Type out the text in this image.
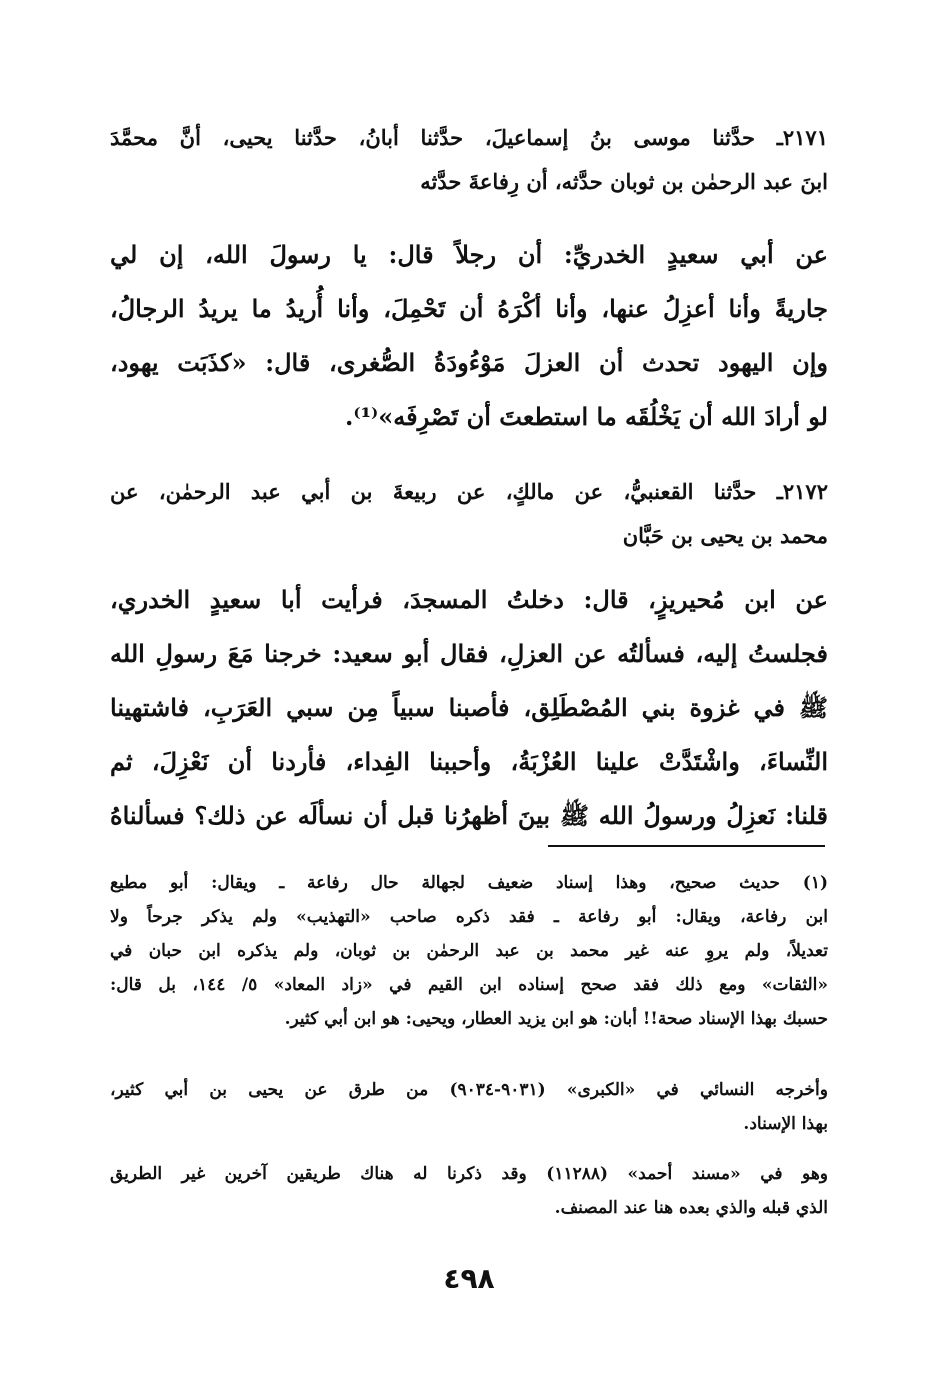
٢١٧١ـ حدَّثنا موسى بنُ إسماعيلَ، حدَّثنا أبانُ، حدَّثنا يحيى، أنَّ محمَّدَ
ابنَ عبد الرحمٰن بن ثوبان حدَّثه، أن رِفاعةَ حدَّثه
عن أبي سعيدٍ الخدريِّ: أن رجلاً قال: يا رسولَ الله، إن لي
جاريةً وأنا أعزِلُ عنها، وأنا أكْرَهُ أن تَحْمِلَ، وأنا أُريدُ ما يريدُ الرجالُ،
وإن اليهود تحدث أن العزلَ مَوْءُودَةُ الصُّغرى، قال: «كذَبَت يهود،
لو أرادَ الله أن يَخْلُقَه ما استطعتَ أن تَصْرِفَه»⁽¹⁾.
٢١٧٢ـ حدَّثنا القعنبيُّ، عن مالكٍ، عن ربيعةَ بن أبي عبد الرحمٰن، عن
محمد بن يحيى بن حَبَّان
عن ابن مُحيريزٍ، قال: دخلتُ المسجدَ، فرأيت أبا سعيدٍ الخدري،
فجلستُ إليه، فسألتُه عن العزلِ، فقال أبو سعيد: خرجنا مَعَ رسولِ الله
ﷺ في غزوة بني المُصْطَلِق، فأصبنا سبياً مِن سبي العَرَبِ، فاشتهينا
النِّساءَ، واشْتَدَّتْ علينا العُزْبَةُ، وأحببنا الفِداء، فأردنا أن نَعْزِلَ، ثم
قلنا: نَعزِلُ ورسولُ الله ﷺ بينَ أظهرُنا قبل أن نسألَه عن ذلك؟ فسألناهُ
(١) حديث صحيح، وهذا إسناد ضعيف لجهالة حال رفاعة ـ ويقال: أبو مطيع
ابن رفاعة، ويقال: أبو رفاعة ـ فقد ذكره صاحب «التهذيب» ولم يذكر جرحاً ولا
تعديلاً، ولم يروِ عنه غير محمد بن عبد الرحمٰن بن ثوبان، ولم يذكره ابن حبان في
«الثقات» ومع ذلك فقد صحح إسناده ابن القيم في «زاد المعاد» ٥/ ١٤٤، بل قال:
حسبك بهذا الإسناد صحة!! أبان: هو ابن يزيد العطار، ويحيى: هو ابن أبي كثير.
وأخرجه النسائي في «الكبرى» (٩٠٣١-٩٠٣٤) من طرق عن يحيى بن أبي كثير،
بهذا الإسناد.
وهو في «مسند أحمد» (١١٢٨٨) وقد ذكرنا له هناك طريقين آخرين غير الطريق
الذي قبله والذي بعده هنا عند المصنف.
٤٩٨
